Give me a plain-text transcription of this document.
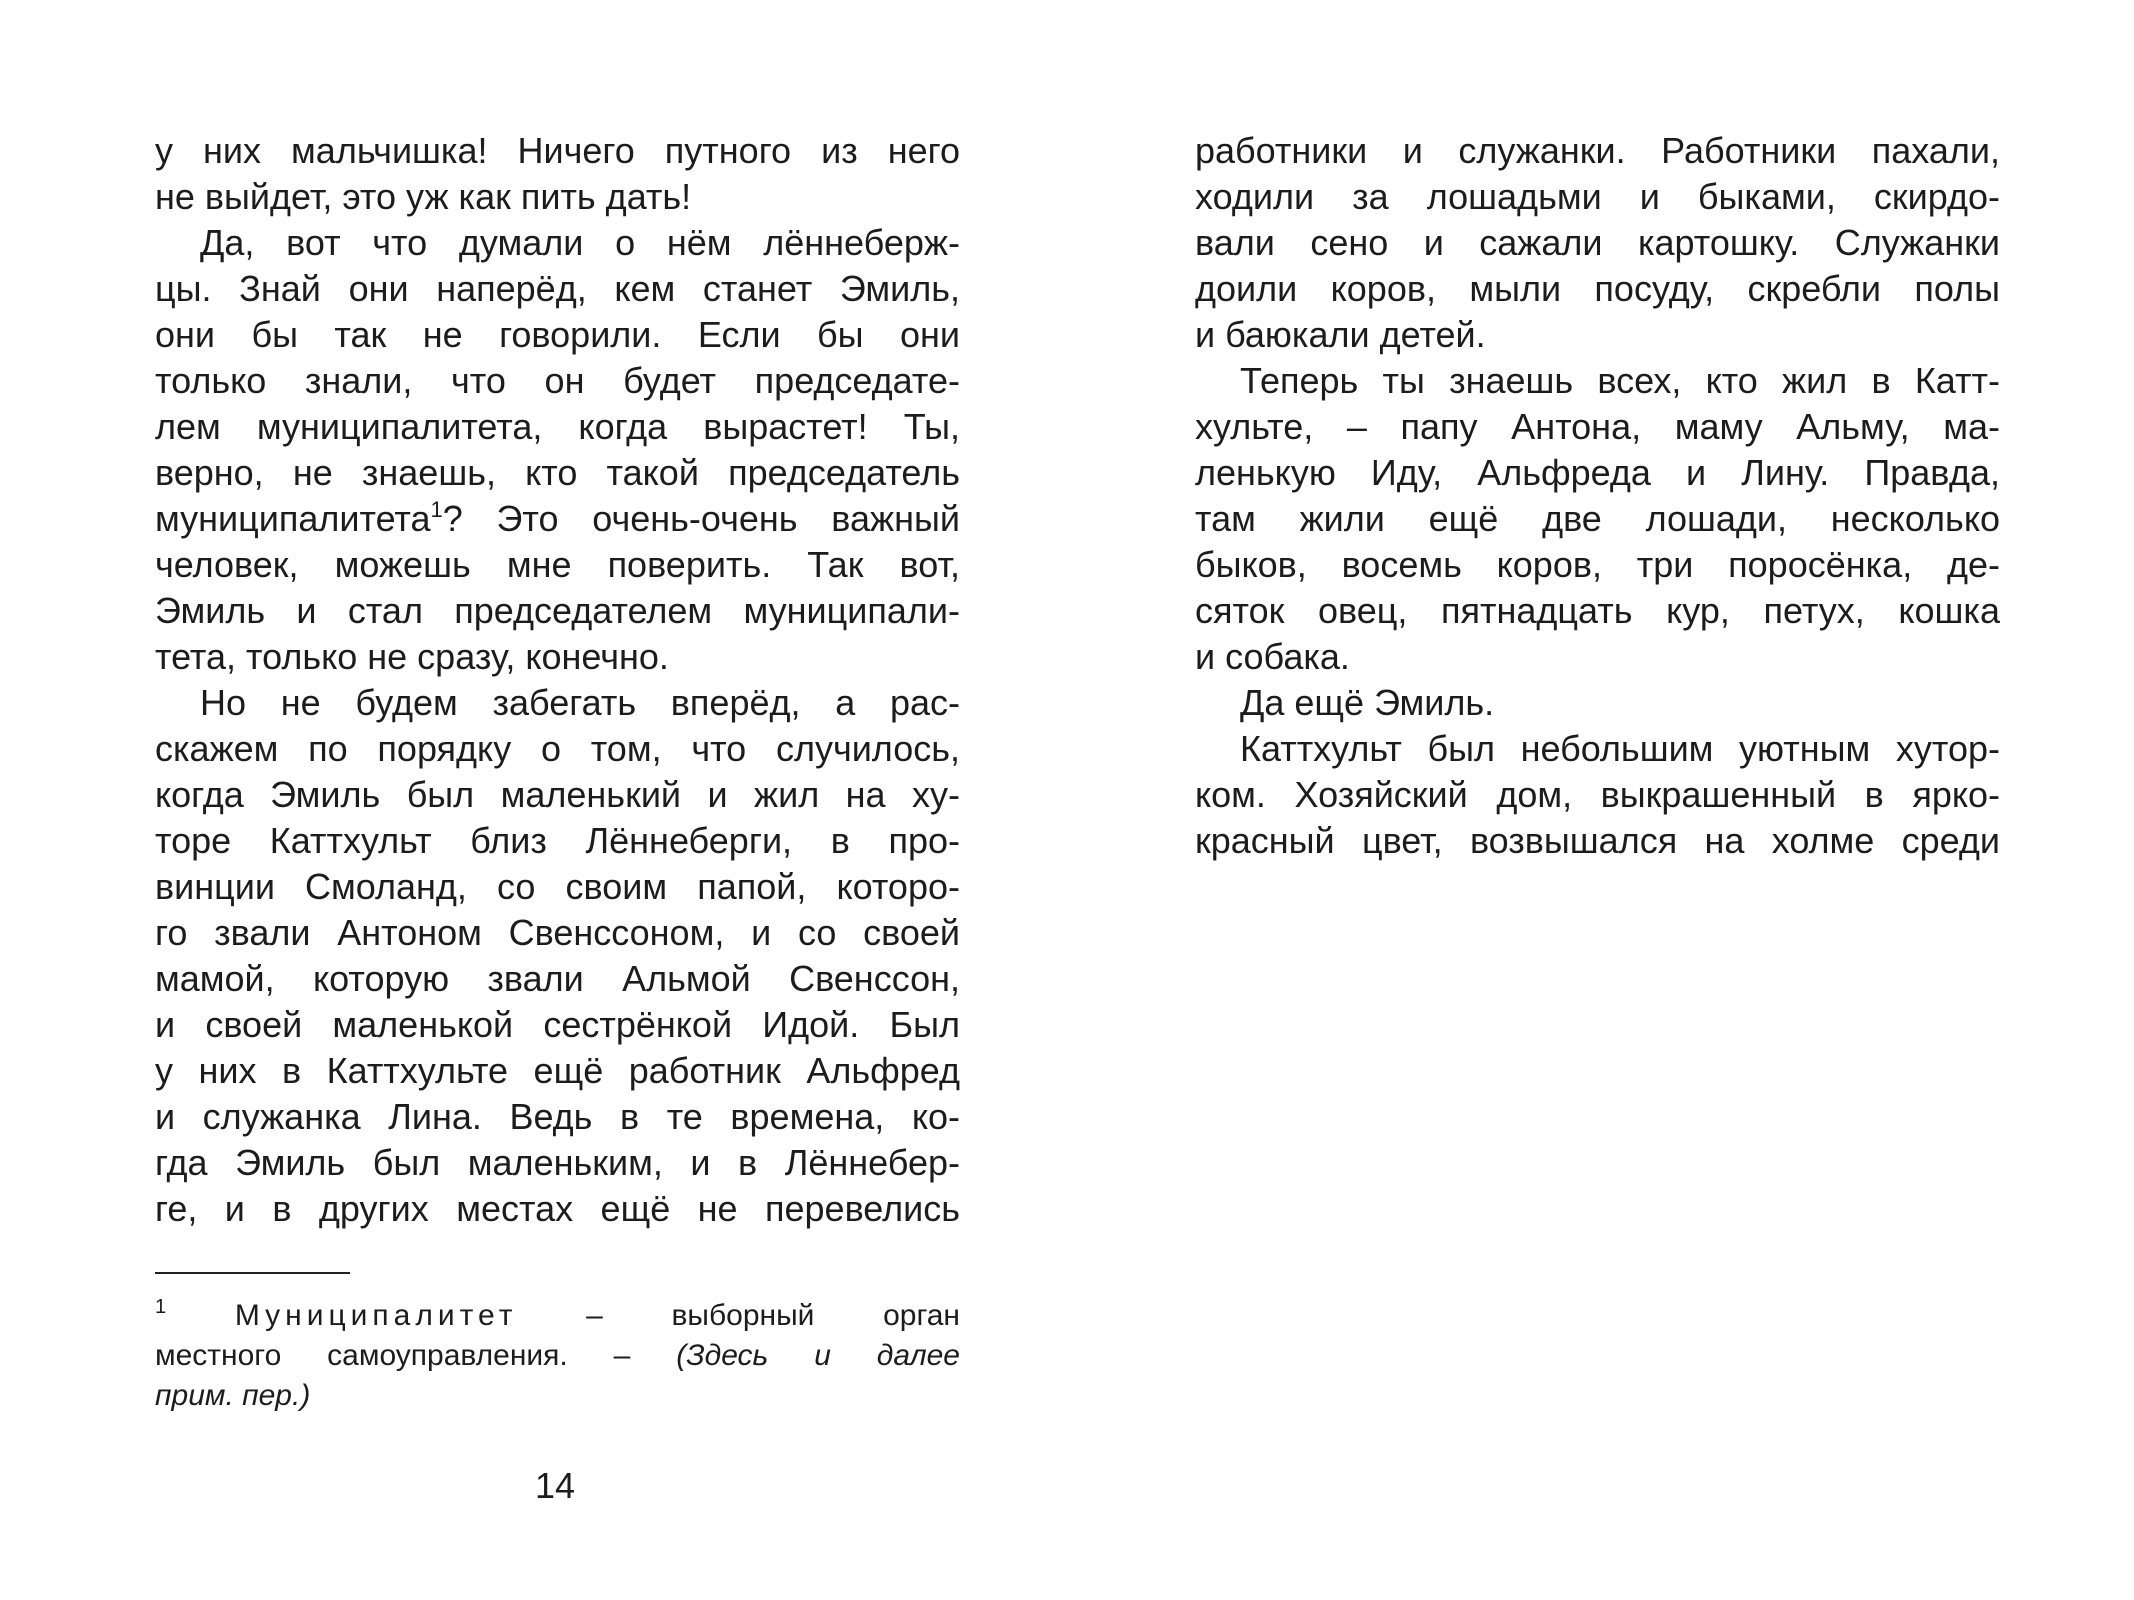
у них мальчишка! Ничего путного из него
не выйдет, это уж как пить дать!
Да, вот что думали о нём лённеберж-
цы. Знай они наперёд, кем станет Эмиль,
они бы так не говорили. Если бы они
только знали, что он будет председате-
лем муниципалитета, когда вырастет! Ты,
верно, не знаешь, кто такой председатель
муниципалитета$^1$? Это очень-очень важный
человек, можешь мне поверить. Так вот,
Эмиль и стал председателем муниципали-
тета, только не сразу, конечно.
Но не будем забегать вперёд, а рас-
скажем по порядку о том, что случилось,
когда Эмиль был маленький и жил на ху-
торе Каттхульт близ Лённеберги, в про-
винции Смоланд, со своим папой, которо-
го звали Антоном Свенссоном, и со своей
мамой, которую звали Альмой Свенссон,
и своей маленькой сестрёнкой Идой. Был
у них в Каттхульте ещё работник Альфред
и служанка Лина. Ведь в те времена, ко-
гда Эмиль был маленьким, и в Лённебер-
ге, и в других местах ещё не перевелись
$^1$ Муниципалитет – выборный орган
местного самоуправления. – (Здесь и далее
прим. пер.)
14
работники и служанки. Работники пахали,
ходили за лошадьми и быками, скирдо-
вали сено и сажали картошку. Служанки
доили коров, мыли посуду, скребли полы
и баюкали детей.
Теперь ты знаешь всех, кто жил в Катт-
хульте, – папу Антона, маму Альму, ма-
ленькую Иду, Альфреда и Лину. Правда,
там жили ещё две лошади, несколько
быков, восемь коров, три поросёнка, де-
сяток овец, пятнадцать кур, петух, кошка
и собака.
Да ещё Эмиль.
Каттхульт был небольшим уютным хутор-
ком. Хозяйский дом, выкрашенный в ярко-
красный цвет, возвышался на холме среди
